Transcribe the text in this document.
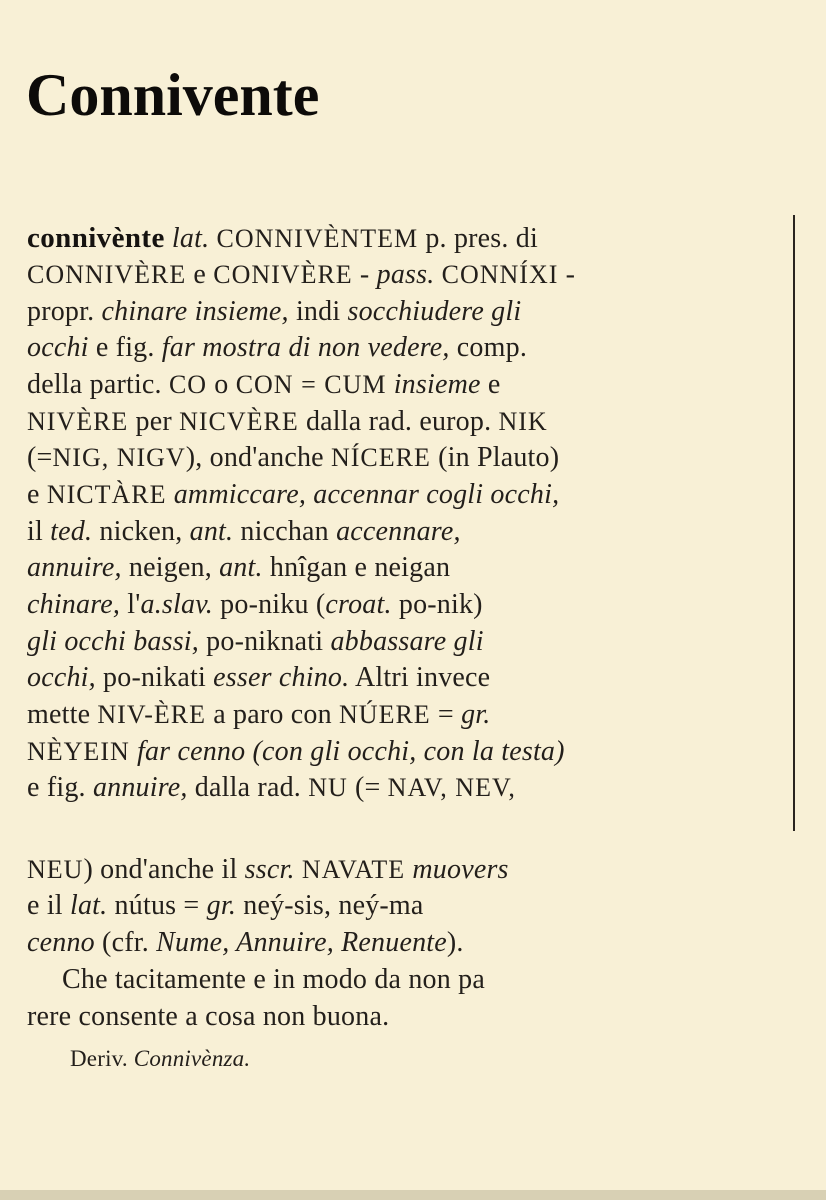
Connivente
connivènte lat. CONNIVÈNTEM p. pres. di
CONNIVÈRE e CONIVÈRE - pass. CONNÍXI -
propr. chinare insieme, indi socchiudere gli
occhi e fig. far mostra di non vedere, comp.
della partic. CO o CON = CUM insieme e
NIVÈRE per NICVÈRE dalla rad. europ. NIK
(=NIG, NIGV), ond'anche NÍCERE (in Plauto)
e NICTÀRE ammiccare, accennar cogli occhi,
il ted. nicken, ant. nicchan accennare,
annuire, neigen, ant. hnîgan e neigan
chinare, l'a.slav. po-niku (croat. po-nik)
gli occhi bassi, po-niknati abbassare gli
occhi, po-nikati esser chino. Altri invece
mette NIV-ÈRE a paro con NÚERE = gr.
NÈYEIN far cenno (con gli occhi, con la testa)
e fig. annuire, dalla rad. NU (= NAV, NEV,
NEU) ond'anche il sscr. NAVATE muovers
e il lat. nútus = gr. neý-sis, neý-ma
cenno (cfr. Nume, Annuire, Renuente).
Che tacitamente e in modo da non pa
rere consente a cosa non buona.
Deriv. Connivènza.
